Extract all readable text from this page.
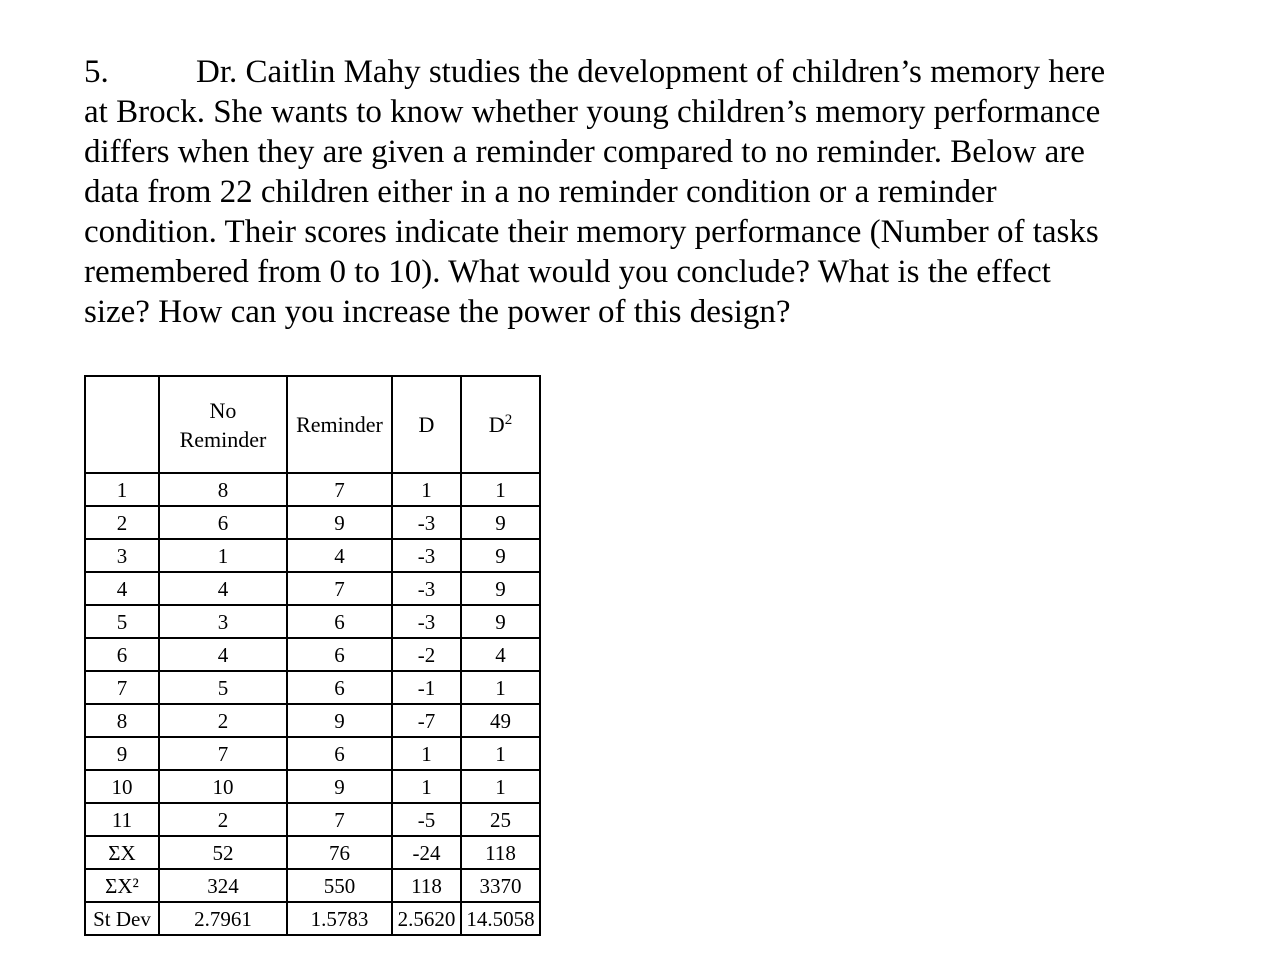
5.	Dr. Caitlin Mahy studies the development of children’s memory here
at Brock. She wants to know whether young children’s memory performance
differs when they are given a reminder compared to no reminder. Below are
data from 22 children either in a no reminder condition or a reminder
condition. Their scores indicate their memory performance (Number of tasks
remembered from 0 to 10). What would you conclude? What is the effect
size? How can you increase the power of this design?
	No
Reminder	Reminder	D	$D^2$
1	8	7	1	1
2	6	9	-3	9
3	1	4	-3	9
4	4	7	-3	9
5	3	6	-3	9
6	4	6	-2	4
7	5	6	-1	1
8	2	9	-7	49
9	7	6	1	1
10	10	9	1	1
11	2	7	-5	25
ΣX	52	76	-24	118
ΣX²	324	550	118	3370
St Dev	2.7961	1.5783	2.5620	14.5058
